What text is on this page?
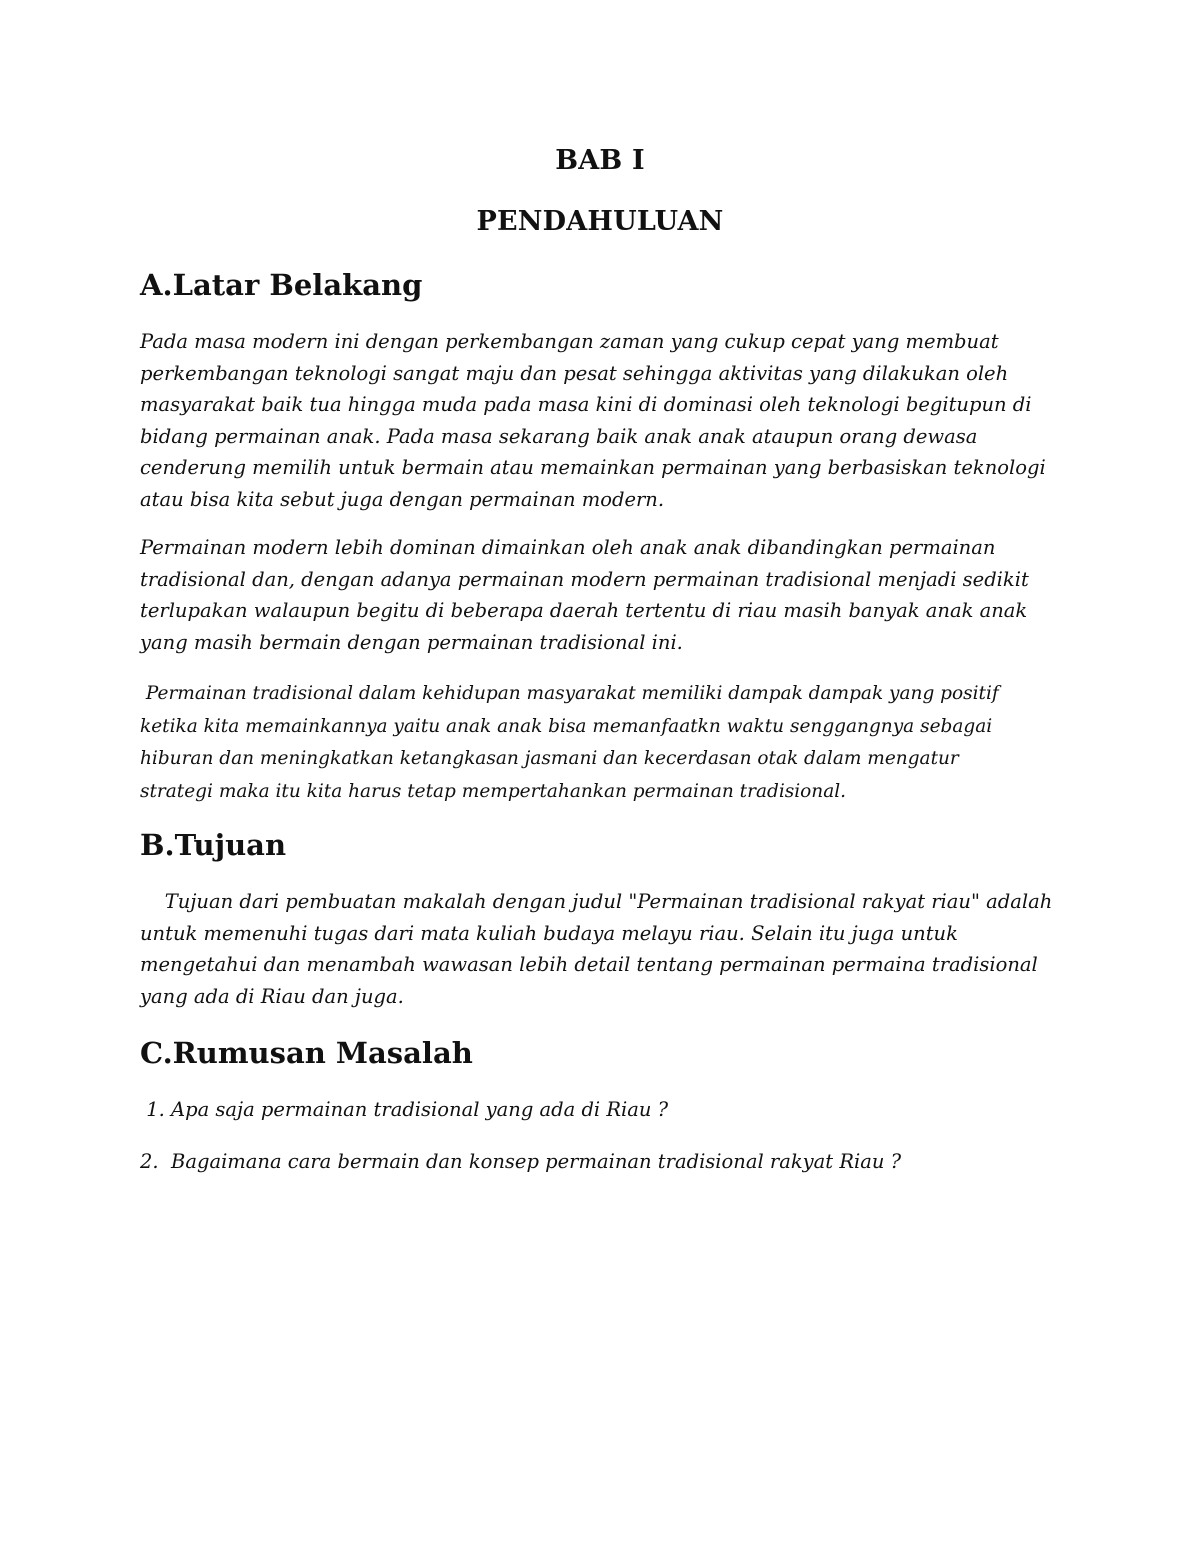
BAB I
PENDAHULUAN
A.Latar Belakang

Pada masa modern ini dengan perkembangan zaman yang cukup cepat yang membuat
perkembangan teknologi sangat maju dan pesat sehingga aktivitas yang dilakukan oleh
masyarakat baik tua hingga muda pada masa kini di dominasi oleh teknologi begitupun di
bidang permainan anak. Pada masa sekarang baik anak anak ataupun orang dewasa
cenderung memilih untuk bermain atau memainkan permainan yang berbasiskan teknologi
atau bisa kita sebut juga dengan permainan modern.

Permainan modern lebih dominan dimainkan oleh anak anak dibandingkan permainan
tradisional dan, dengan adanya permainan modern permainan tradisional menjadi sedikit
terlupakan walaupun begitu di beberapa daerah tertentu di riau masih banyak anak anak
yang masih bermain dengan permainan tradisional ini.

Permainan tradisional dalam kehidupan masyarakat memiliki dampak dampak yang positif
ketika kita memainkannya yaitu anak anak bisa memanfaatkn waktu senggangnya sebagai
hiburan dan meningkatkan ketangkasan jasmani dan kecerdasan otak dalam mengatur
strategi maka itu kita harus tetap mempertahankan permainan tradisional.

B.Tujuan

Tujuan dari pembuatan makalah dengan judul "Permainan tradisional rakyat riau" adalah
untuk memenuhi tugas dari mata kuliah budaya melayu riau. Selain itu juga untuk
mengetahui dan menambah wawasan lebih detail tentang permainan permaina tradisional
yang ada di Riau dan juga.

C.Rumusan Masalah
1. Apa saja permainan tradisional yang ada di Riau ?
2.  Bagaimana cara bermain dan konsep permainan tradisional rakyat Riau ?
